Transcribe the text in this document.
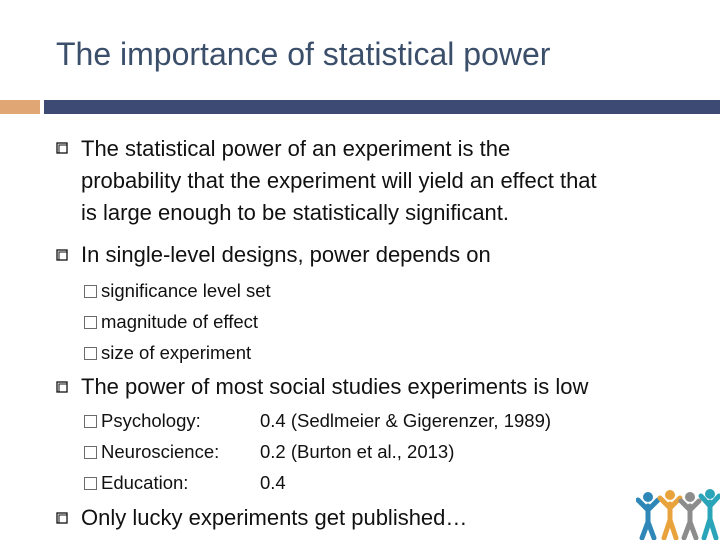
The importance of statistical power
The statistical power of an experiment is the
probability that the experiment will yield an effect that
is large enough to be statistically significant.
In single-level designs, power depends on
significance level set
magnitude of effect
size of experiment
The power of most social studies experiments is low
Psychology:	0.4 (Sedlmeier & Gigerenzer, 1989)
Neuroscience: 0.2 (Burton et al., 2013)
Education:	0.4
Only lucky experiments get published…
